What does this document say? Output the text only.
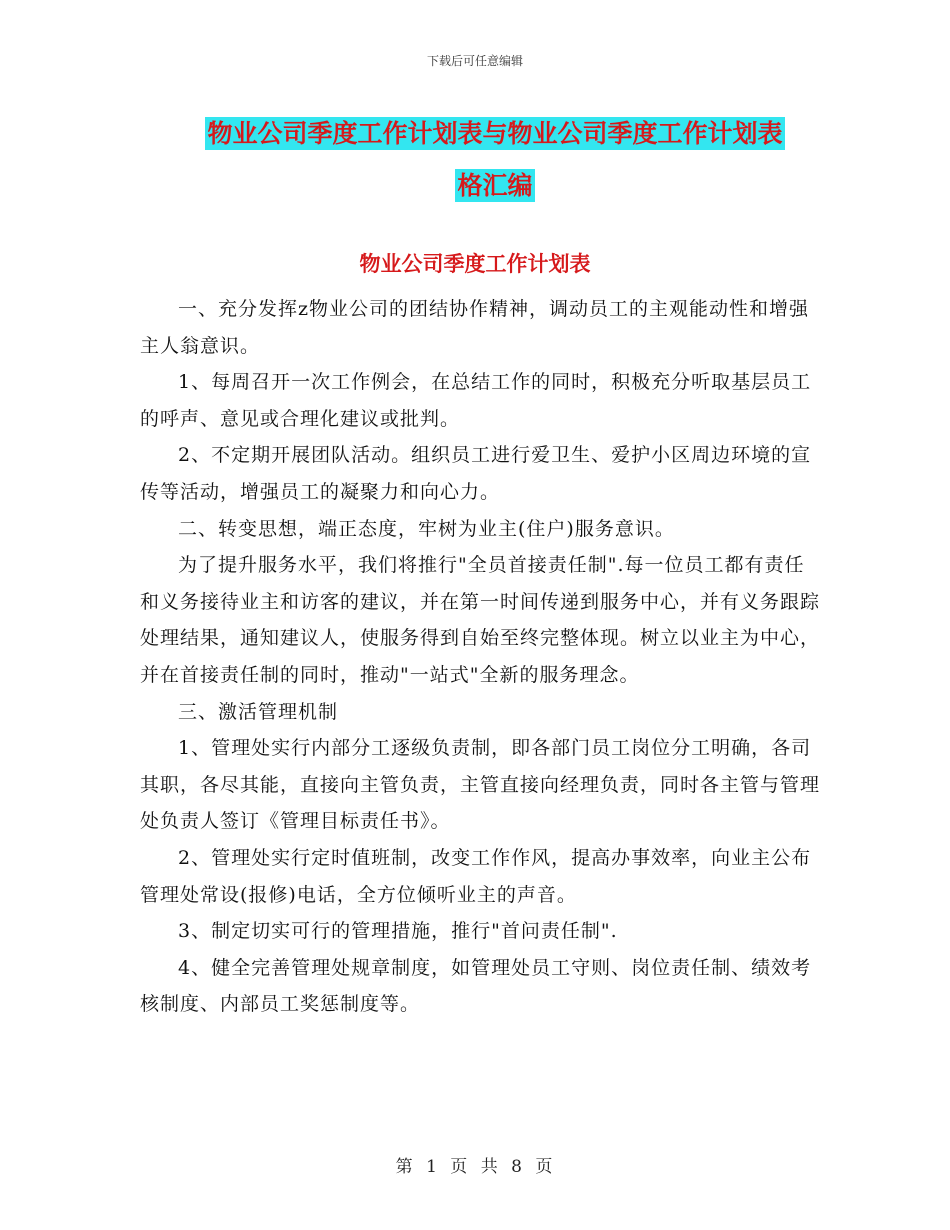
下载后可任意编辑
物业公司季度工作计划表与物业公司季度工作计划表
格汇编
物业公司季度工作计划表

一、充分发挥z物业公司的团结协作精神，调动员工的主观能动性和增强主人翁意识。

1、每周召开一次工作例会，在总结工作的同时，积极充分听取基层员工的呼声、意见或合理化建议或批判。

2、不定期开展团队活动。组织员工进行爱卫生、爱护小区周边环境的宣传等活动，增强员工的凝聚力和向心力。

二、转变思想，端正态度，牢树为业主(住户)服务意识。

为了提升服务水平，我们将推行"全员首接责任制".每一位员工都有责任和义务接待业主和访客的建议，并在第一时间传递到服务中心，并有义务跟踪处理结果，通知建议人，使服务得到自始至终完整体现。树立以业主为中心，并在首接责任制的同时，推动"一站式"全新的服务理念。

三、激活管理机制

1、管理处实行内部分工逐级负责制，即各部门员工岗位分工明确，各司其职，各尽其能，直接向主管负责，主管直接向经理负责，同时各主管与管理处负责人签订《管理目标责任书》。

2、管理处实行定时值班制，改变工作作风，提高办事效率，向业主公布管理处常设(报修)电话，全方位倾听业主的声音。

3、制定切实可行的管理措施，推行"首问责任制".

4、健全完善管理处规章制度，如管理处员工守则、岗位责任制、绩效考核制度、内部员工奖惩制度等。

第 1 页 共 8 页
